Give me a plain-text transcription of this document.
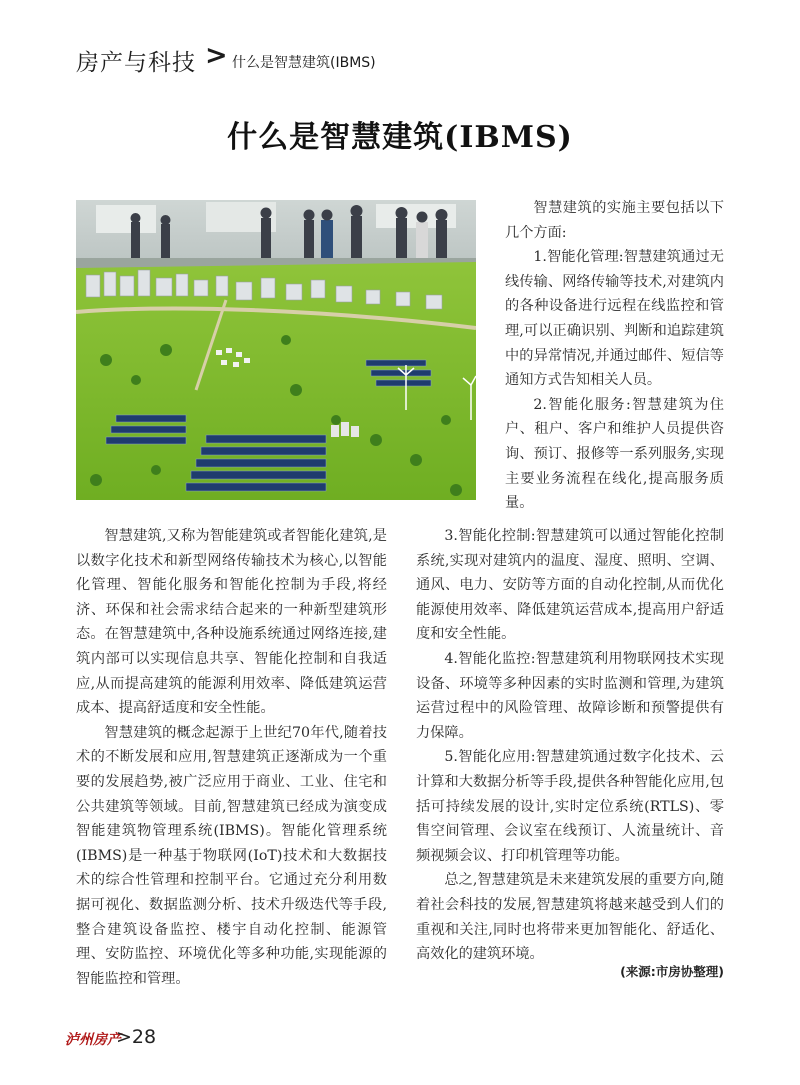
房产与科技 > 什么是智慧建筑(IBMS)
什么是智慧建筑(IBMS)

智慧建筑的实施主要包括以下几个方面:

1.智能化管理:智慧建筑通过无线传输、网络传输等技术,对建筑内的各种设备进行远程在线监控和管理,可以正确识别、判断和追踪建筑中的异常情况,并通过邮件、短信等通知方式告知相关人员。

2.智能化服务:智慧建筑为住户、租户、客户和维护人员提供咨询、预订、报修等一系列服务,实现主要业务流程在线化,提高服务质量。

智慧建筑,又称为智能建筑或者智能化建筑,是以数字化技术和新型网络传输技术为核心,以智能化管理、智能化服务和智能化控制为手段,将经济、环保和社会需求结合起来的一种新型建筑形态。在智慧建筑中,各种设施系统通过网络连接,建筑内部可以实现信息共享、智能化控制和自我适应,从而提高建筑的能源利用效率、降低建筑运营成本、提高舒适度和安全性能。

智慧建筑的概念起源于上世纪70年代,随着技术的不断发展和应用,智慧建筑正逐渐成为一个重要的发展趋势,被广泛应用于商业、工业、住宅和公共建筑等领域。目前,智慧建筑已经成为演变成智能建筑物管理系统(IBMS)。智能化管理系统(IBMS)是一种基于物联网(IoT)技术和大数据技术的综合性管理和控制平台。它通过充分利用数据可视化、数据监测分析、技术升级迭代等手段,整合建筑设备监控、楼宇自动化控制、能源管理、安防监控、环境优化等多种功能,实现能源的智能监控和管理。

3.智能化控制:智慧建筑可以通过智能化控制系统,实现对建筑内的温度、湿度、照明、空调、通风、电力、安防等方面的自动化控制,从而优化能源使用效率、降低建筑运营成本,提高用户舒适度和安全性能。

4.智能化监控:智慧建筑利用物联网技术实现设备、环境等多种因素的实时监测和管理,为建筑运营过程中的风险管理、故障诊断和预警提供有力保障。

5.智能化应用:智慧建筑通过数字化技术、云计算和大数据分析等手段,提供各种智能化应用,包括可持续发展的设计,实时定位系统(RTLS)、零售空间管理、会议室在线预订、人流量统计、音频视频会议、打印机管理等功能。

总之,智慧建筑是未来建筑发展的重要方向,随着社会科技的发展,智慧建筑将越来越受到人们的重视和关注,同时也将带来更加智能化、舒适化、高效化的建筑环境。

(来源:市房协整理)
泸州房产
>28
